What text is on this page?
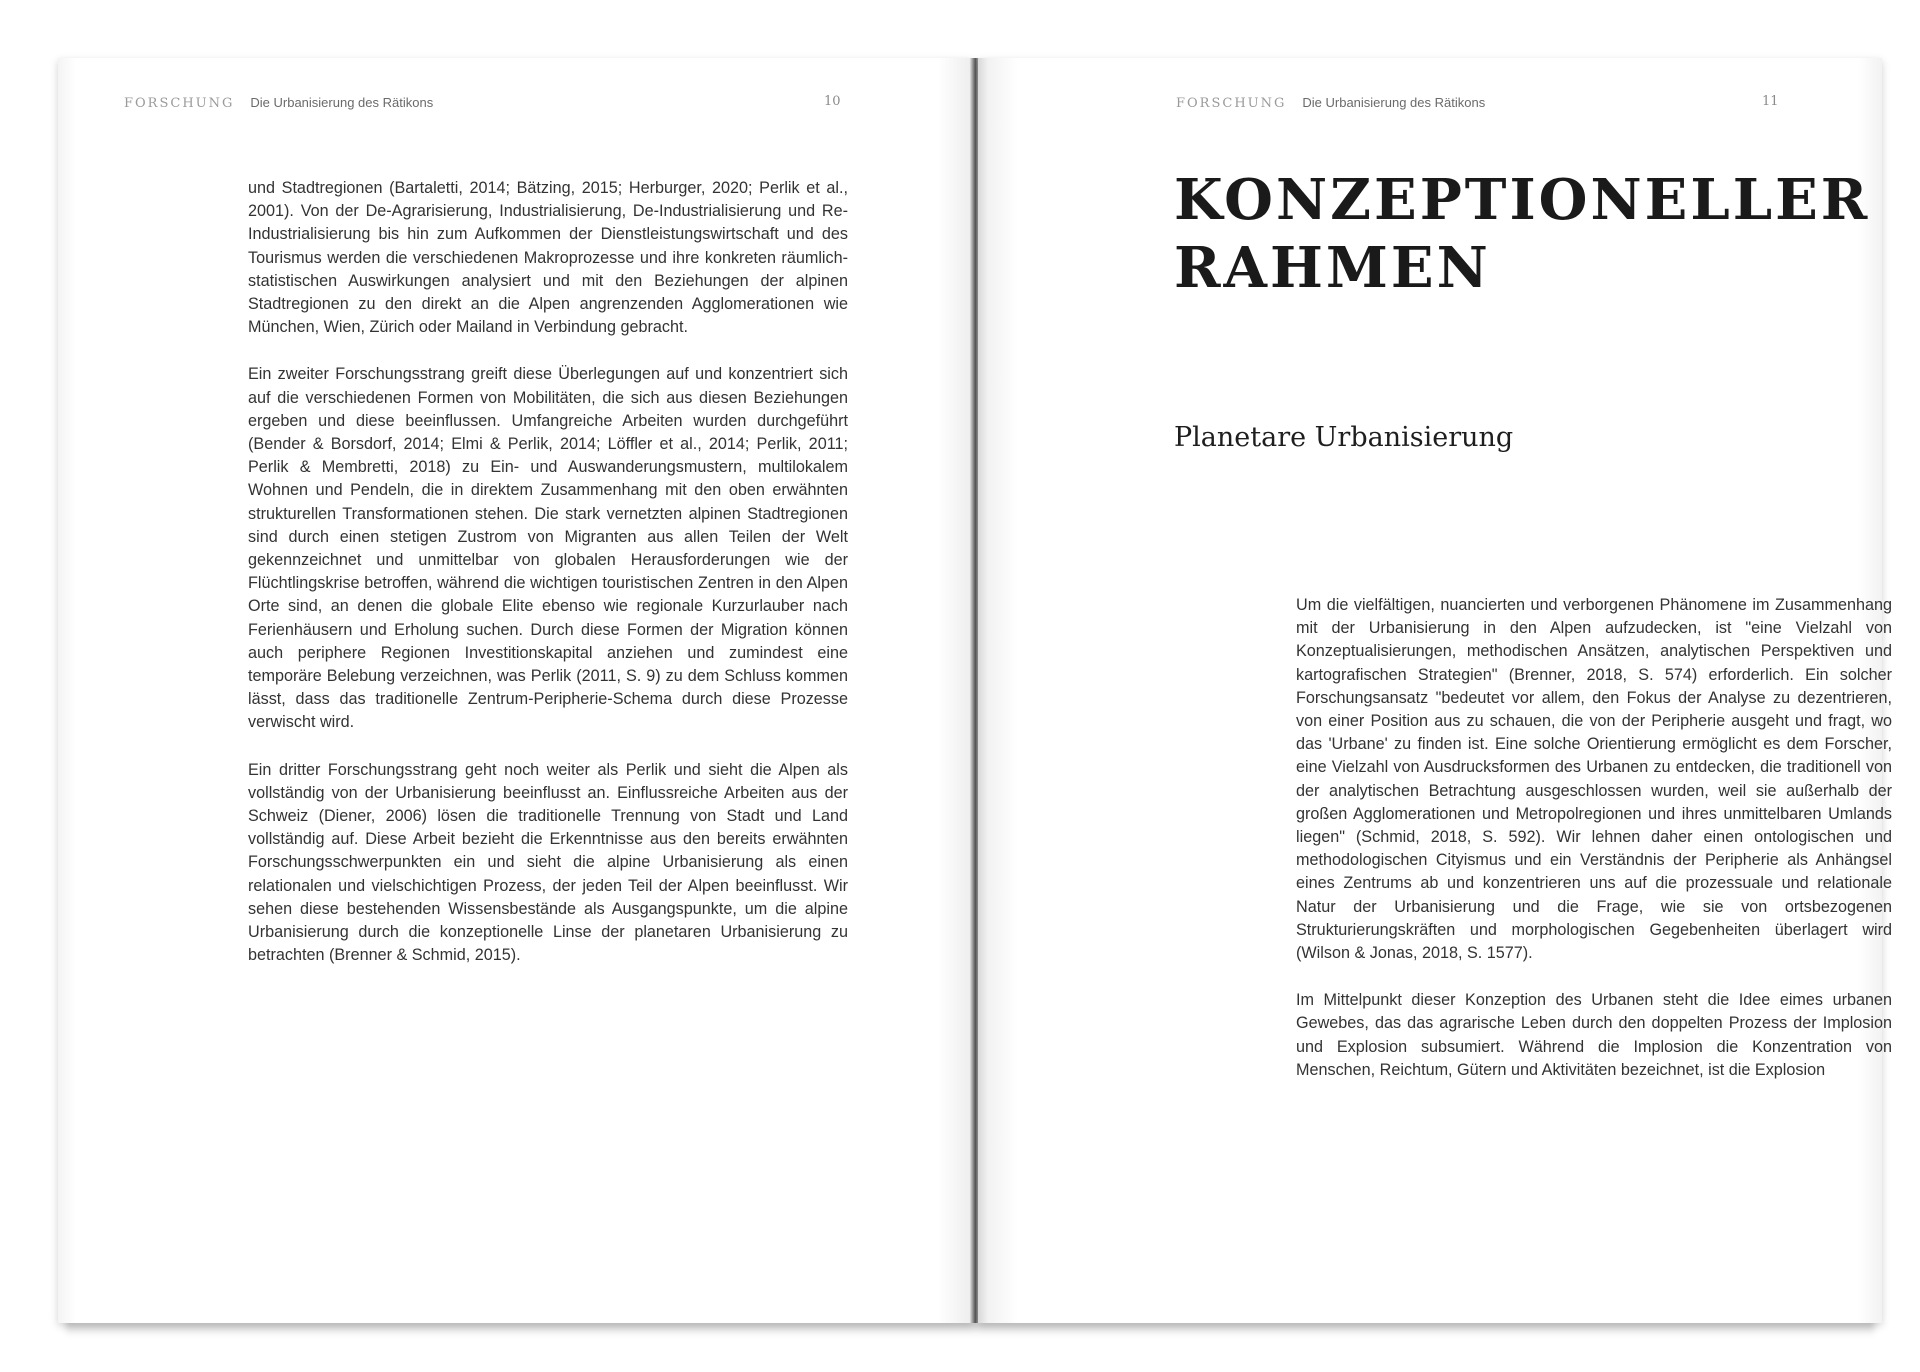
FORSCHUNG Die Urbanisierung des Rätikons	10

und Stadtregionen (Bartaletti, 2014; Bätzing, 2015; Herburger, 2020; Perlik et al., 2001). Von der De-Agrarisierung, Industrialisierung, De-Industrialisierung und Re-Industrialisierung bis hin zum Aufkommen der Dienstleistungswirtschaft und des Tourismus werden die verschiedenen Makroprozesse und ihre konkreten räumlich-statistischen Auswirkungen analysiert und mit den Beziehungen der alpinen Stadtregionen zu den direkt an die Alpen angrenzenden Agglomerationen wie München, Wien, Zürich oder Mailand in Verbindung gebracht.

Ein zweiter Forschungsstrang greift diese Überlegungen auf und konzentriert sich auf die verschiedenen Formen von Mobilitäten, die sich aus diesen Beziehungen ergeben und diese beeinflussen. Umfangreiche Arbeiten wurden durchgeführt (Bender & Borsdorf, 2014; Elmi & Perlik, 2014; Löffler et al., 2014; Perlik, 2011; Perlik & Membretti, 2018) zu Ein- und Auswanderungsmustern, multilokalem Wohnen und Pendeln, die in direktem Zusammenhang mit den oben erwähnten strukturellen Transformationen stehen. Die stark vernetzten alpinen Stadtregionen sind durch einen stetigen Zustrom von Migranten aus allen Teilen der Welt gekennzeichnet und unmittelbar von globalen Herausforderungen wie der Flüchtlingskrise betroffen, während die wichtigen touristischen Zentren in den Alpen Orte sind, an denen die globale Elite ebenso wie regionale Kurzurlauber nach Ferienhäusern und Erholung suchen. Durch diese Formen der Migration können auch periphere Regionen Investitionskapital anziehen und zumindest eine temporäre Belebung verzeichnen, was Perlik (2011, S. 9) zu dem Schluss kommen lässt, dass das traditionelle Zentrum-Peripherie-Schema durch diese Prozesse verwischt wird.

Ein dritter Forschungsstrang geht noch weiter als Perlik und sieht die Alpen als vollständig von der Urbanisierung beeinflusst an. Einflussreiche Arbeiten aus der Schweiz (Diener, 2006) lösen die traditionelle Trennung von Stadt und Land vollständig auf. Diese Arbeit bezieht die Erkenntnisse aus den bereits erwähnten Forschungsschwerpunkten ein und sieht die alpine Urbanisierung als einen relationalen und vielschichtigen Prozess, der jeden Teil der Alpen beeinflusst. Wir sehen diese bestehenden Wissensbestände als Ausgangspunkte, um die alpine Urbanisierung durch die konzeptionelle Linse der planetaren Urbanisierung zu betrachten (Brenner & Schmid, 2015).

FORSCHUNG Die Urbanisierung des Rätikons	11
KONZEPTIONELLER
RAHMEN
Planetare Urbanisierung

Um die vielfältigen, nuancierten und verborgenen Phänomene im Zusammenhang mit der Urbanisierung in den Alpen aufzudecken, ist "eine Vielzahl von Konzeptualisierungen, methodischen Ansätzen, analytischen Perspektiven und kartografischen Strategien" (Brenner, 2018, S. 574) erforderlich. Ein solcher Forschungsansatz "bedeutet vor allem, den Fokus der Analyse zu dezentrieren, von einer Position aus zu schauen, die von der Peripherie ausgeht und fragt, wo das 'Urbane' zu finden ist. Eine solche Orientierung ermöglicht es dem Forscher, eine Vielzahl von Ausdrucksformen des Urbanen zu entdecken, die traditionell von der analytischen Betrachtung ausgeschlossen wurden, weil sie außerhalb der großen Agglomerationen und Metropolregionen und ihres unmittelbaren Umlands liegen" (Schmid, 2018, S. 592). Wir lehnen daher einen ontologischen und methodologischen Cityismus und ein Verständnis der Peripherie als Anhängsel eines Zentrums ab und konzentrieren uns auf die prozessuale und relationale Natur der Urbanisierung und die Frage, wie sie von ortsbezogenen Strukturierungskräften und morphologischen Gegebenheiten überlagert wird (Wilson & Jonas, 2018, S. 1577).

Im Mittelpunkt dieser Konzeption des Urbanen steht die Idee eimes urbanen Gewebes, das das agrarische Leben durch den doppelten Prozess der Implosion und Explosion subsumiert. Während die Implosion die Konzentration von Menschen, Reichtum, Gütern und Aktivitäten bezeichnet, ist die Explosion
